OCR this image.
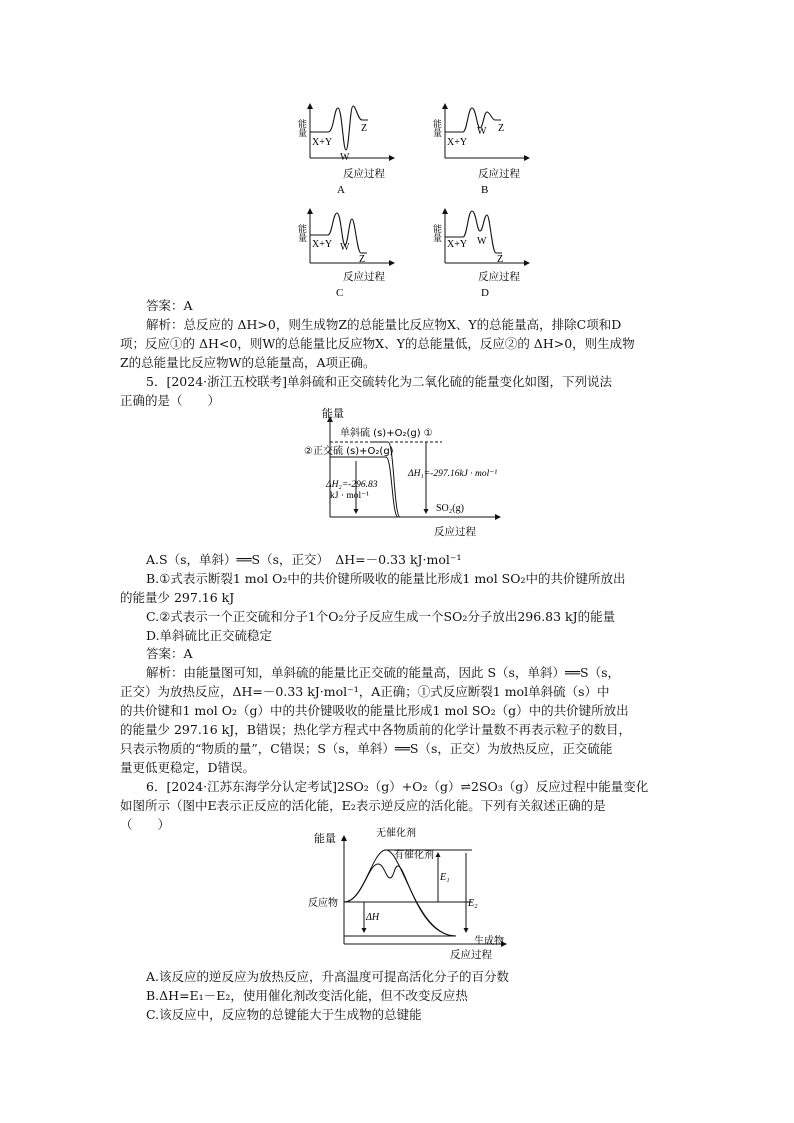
能量
X+Y
W
Z
反应过程
A
能量
X+Y
W Z
反应过程
B
能量
X+Y W
Z
反应过程
C
能量
X+Y W
Z
反应过程
D
答案：A
解析：总反应的 ΔH>0，则生成物Z的总能量比反应物X、Y的总能量高，排除C项和D
项；反应①的 ΔH<0，则W的总能量比反应物X、Y的总能量低，反应②的 ΔH>0，则生成物
Z的总能量比反应物W的总能量高，A项正确。
5．[2024·浙江五校联考]单斜硫和正交硫转化为二氧化硫的能量变化如图，下列说法
正确的是（　　）
能量
单斜硫 (s)+O₂(g) ①
②正交硫 (s)+O₂(g)
ΔH₁=-297.16kJ · mol⁻¹
ΔH₂=-296.83
kJ · mol⁻¹
SO₂(g)
反应过程
A.S（s，单斜）══S（s，正交）　ΔH=－0.33 kJ·mol⁻¹
B.①式表示断裂1 mol O₂中的共价键所吸收的能量比形成1 mol SO₂中的共价键所放出
的能量少 297.16 kJ
C.②式表示一个正交硫和分子1个O₂分子反应生成一个SO₂分子放出296.83 kJ的能量
D.单斜硫比正交硫稳定
答案：A
解析：由能量图可知，单斜硫的能量比正交硫的能量高，因此 S（s，单斜）══S（s，
正交）为放热反应，ΔH=－0.33 kJ·mol⁻¹，A正确；①式反应断裂1 mol单斜硫（s）中
的共价键和1 mol O₂（g）中的共价键吸收的能量比形成1 mol SO₂（g）中的共价键所放出
的能量少 297.16 kJ，B错误；热化学方程式中各物质前的化学计量数不再表示粒子的数目，
只表示物质的“物质的量”，C错误；S（s，单斜）══S（s，正交）为放热反应，正交硫能
量更低更稳定，D错误。
6．[2024·江苏东海学分认定考试]2SO₂（g）+O₂（g）⇌2SO₃（g）反应过程中能量变化
如图所示（图中E表示正反应的活化能，E₂表示逆反应的活化能。下列有关叙述正确的是
（　　）
能量	无催化剂
有催化剂
E₁
E₂
反应物
ΔH
生成物
反应过程
A.该反应的逆反应为放热反应，升高温度可提高活化分子的百分数
B.ΔH=E₁－E₂，使用催化剂改变活化能，但不改变反应热
C.该反应中，反应物的总键能大于生成物的总键能
